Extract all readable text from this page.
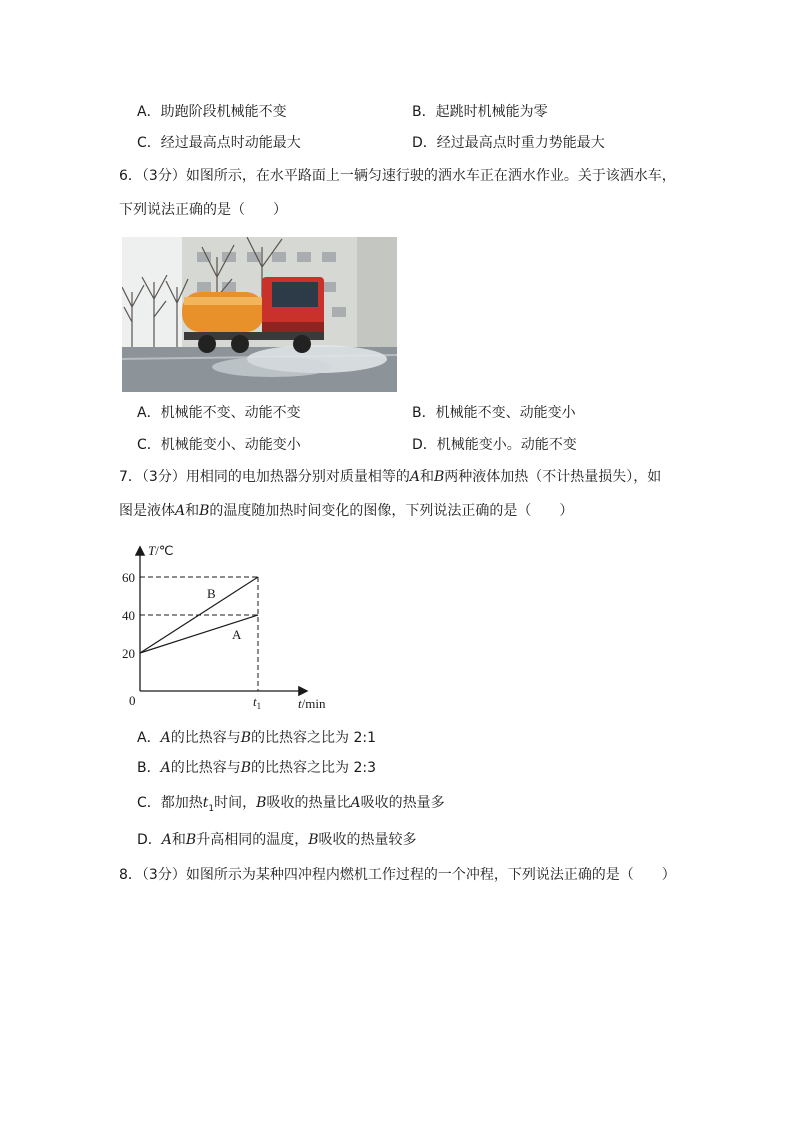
A．助跑阶段机械能不变	B．起跳时机械能为零
C．经过最高点时动能最大	D．经过最高点时重力势能最大
6．（3分）如图所示，在水平路面上一辆匀速行驶的洒水车正在洒水作业。关于该洒水车，
下列说法正确的是（　　）
A．机械能不变、动能不变	B．机械能不变、动能变小
C．机械能变小、动能变小	D．机械能变小。动能不变
7．（3分）用相同的电加热器分别对质量相等的A和B两种液体加热（不计热量损失），如
图是液体A和B的温度随加热时间变化的图像，下列说法正确的是（　　）
T/℃
t/min
0
60
40
20
$t_1$
B
A
A．A的比热容与B的比热容之比为 2:1
B．A的比热容与B的比热容之比为 2:3
C．都加热$t_1$时间，B吸收的热量比A吸收的热量多
D．A和B升高相同的温度，B吸收的热量较多
8．（3分）如图所示为某种四冲程内燃机工作过程的一个冲程，下列说法正确的是（　　）
